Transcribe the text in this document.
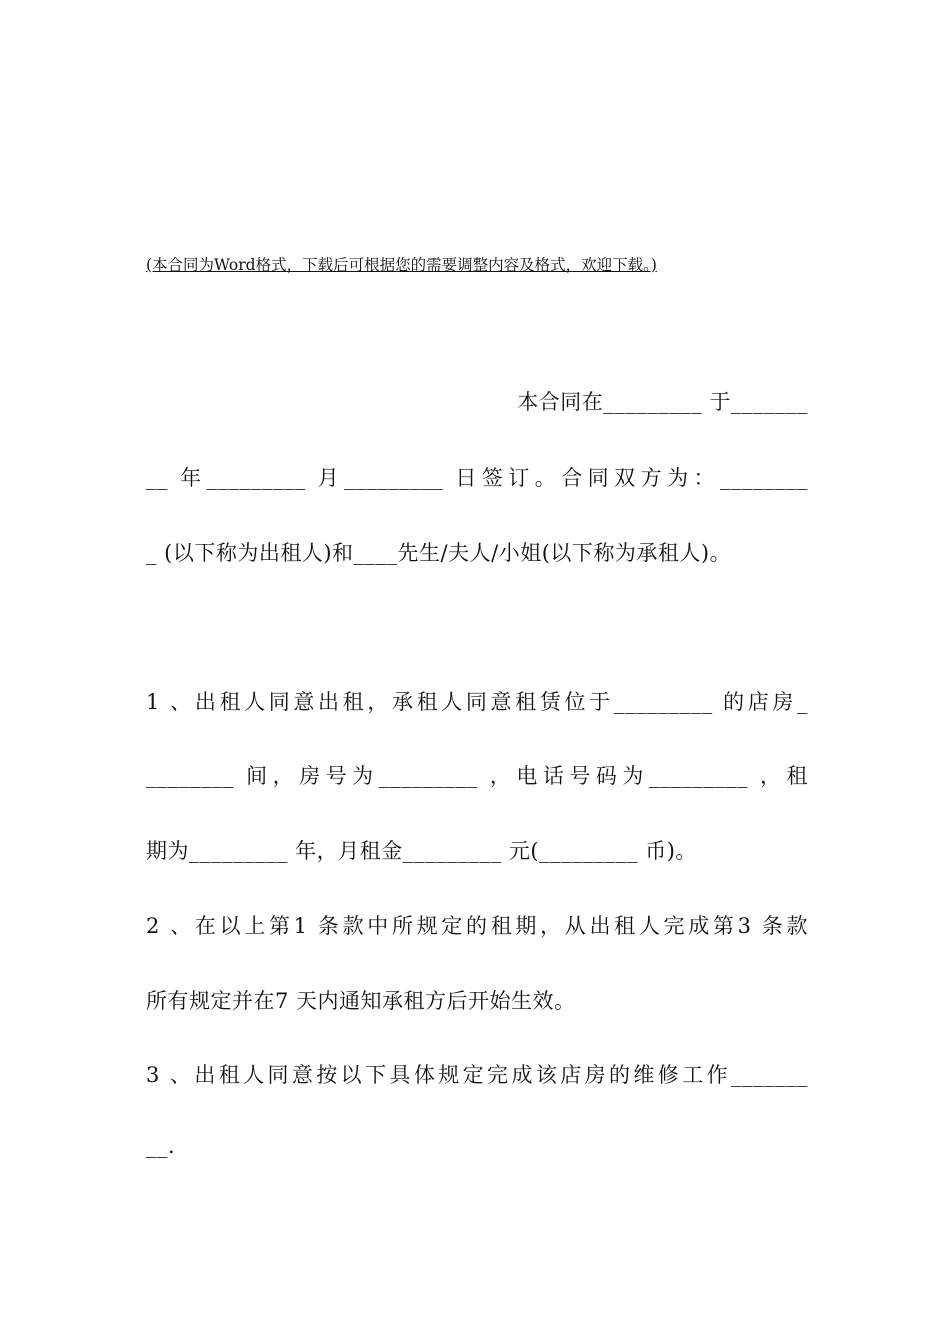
(本合同为Word格式，下载后可根据您的需要调整内容及格式，欢迎下载。)
本合同在_________ 于_______
__ 年_________ 月_________ 日签订。合同双方为：________
_ (以下称为出租人)和____先生/夫人/小姐(以下称为承租人)。
1 、出租人同意出租，承租人同意租赁位于_________ 的店房_
________ 间，房号为_________ ，电话号码为_________ ，租
期为_________ 年，月租金_________ 元(_________ 币)。
2 、在以上第1 条款中所规定的租期，从出租人完成第3 条款
所有规定并在7 天内通知承租方后开始生效。
3 、出租人同意按以下具体规定完成该店房的维修工作_______
__.
